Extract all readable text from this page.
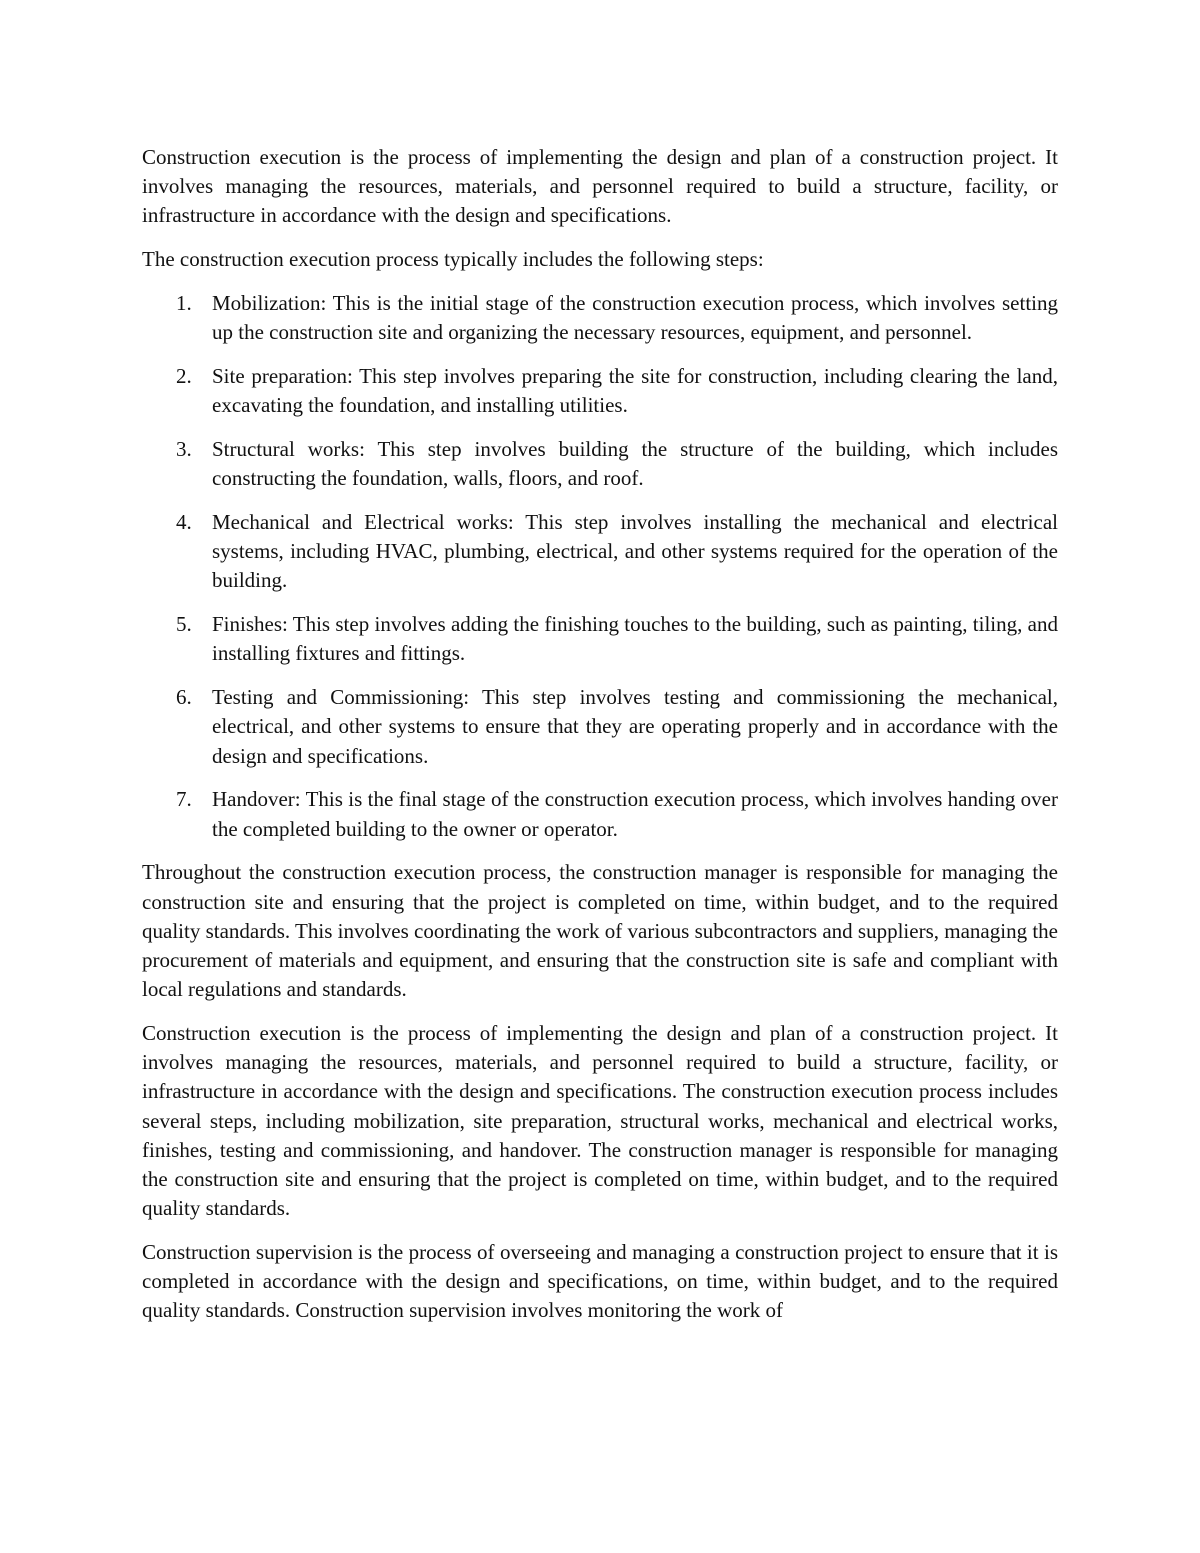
Construction execution is the process of implementing the design and plan of a construction project. It involves managing the resources, materials, and personnel required to build a structure, facility, or infrastructure in accordance with the design and specifications.

The construction execution process typically includes the following steps:

1. Mobilization: This is the initial stage of the construction execution process, which involves setting up the construction site and organizing the necessary resources, equipment, and personnel.
2. Site preparation: This step involves preparing the site for construction, including clearing the land, excavating the foundation, and installing utilities.
3. Structural works: This step involves building the structure of the building, which includes constructing the foundation, walls, floors, and roof.
4. Mechanical and Electrical works: This step involves installing the mechanical and electrical systems, including HVAC, plumbing, electrical, and other systems required for the operation of the building.
5. Finishes: This step involves adding the finishing touches to the building, such as painting, tiling, and installing fixtures and fittings.
6. Testing and Commissioning: This step involves testing and commissioning the mechanical, electrical, and other systems to ensure that they are operating properly and in accordance with the design and specifications.
7. Handover: This is the final stage of the construction execution process, which involves handing over the completed building to the owner or operator.

Throughout the construction execution process, the construction manager is responsible for managing the construction site and ensuring that the project is completed on time, within budget, and to the required quality standards. This involves coordinating the work of various subcontractors and suppliers, managing the procurement of materials and equipment, and ensuring that the construction site is safe and compliant with local regulations and standards.

Construction execution is the process of implementing the design and plan of a construction project. It involves managing the resources, materials, and personnel required to build a structure, facility, or infrastructure in accordance with the design and specifications. The construction execution process includes several steps, including mobilization, site preparation, structural works, mechanical and electrical works, finishes, testing and commissioning, and handover. The construction manager is responsible for managing the construction site and ensuring that the project is completed on time, within budget, and to the required quality standards.

Construction supervision is the process of overseeing and managing a construction project to ensure that it is completed in accordance with the design and specifications, on time, within budget, and to the required quality standards. Construction supervision involves monitoring the work of
